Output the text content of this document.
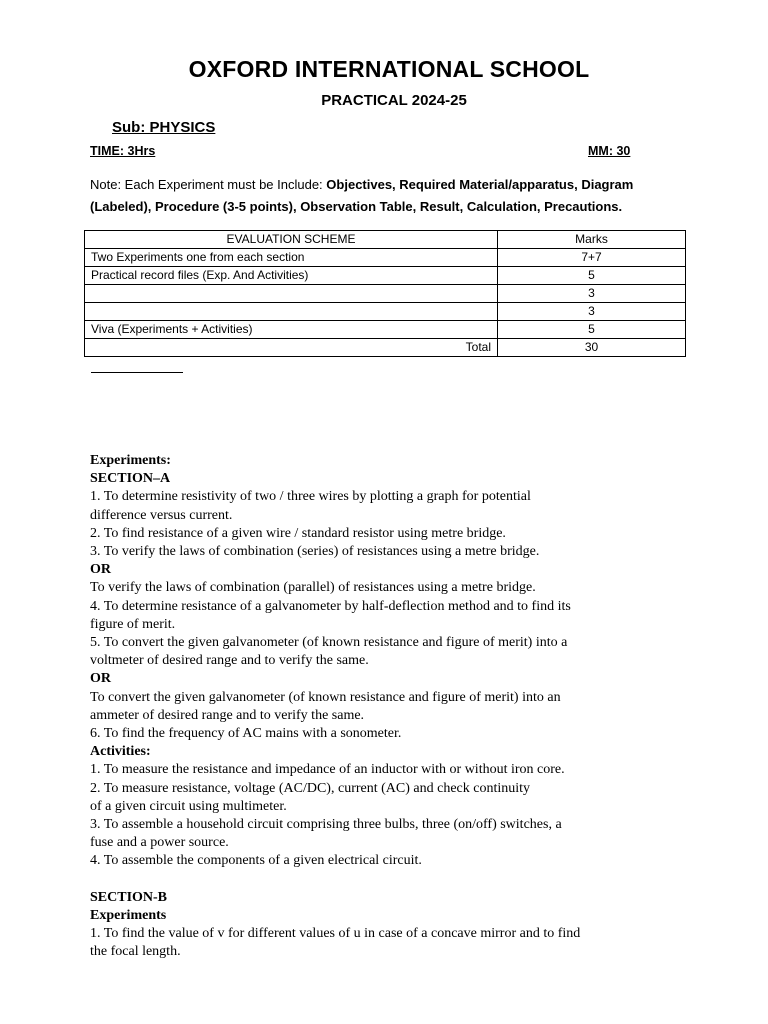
OXFORD INTERNATIONAL SCHOOL
PRACTICAL 2024-25
Sub: PHYSICS
TIME: 3Hrs	MM: 30
Note: Each Experiment must be Include: Objectives, Required Material/apparatus, Diagram (Labeled), Procedure (3-5 points), Observation Table, Result, Calculation, Precautions.
EVALUATION SCHEME	Marks
Two Experiments one from each section	7+7
Practical record files (Exp. And Activities)	5
	3
	3
Viva (Experiments + Activities)	5
Total	30
Experiments:
SECTION–A
1. To determine resistivity of two / three wires by plotting a graph for potential
difference versus current.
2. To find resistance of a given wire / standard resistor using metre bridge.
3. To verify the laws of combination (series) of resistances using a metre bridge.
OR
To verify the laws of combination (parallel) of resistances using a metre bridge.
4. To determine resistance of a galvanometer by half-deflection method and to find its
figure of merit.
5. To convert the given galvanometer (of known resistance and figure of merit) into a
voltmeter of desired range and to verify the same.
OR
To convert the given galvanometer (of known resistance and figure of merit) into an
ammeter of desired range and to verify the same.
6. To find the frequency of AC mains with a sonometer.
Activities:
1. To measure the resistance and impedance of an inductor with or without iron core.
2. To measure resistance, voltage (AC/DC), current (AC) and check continuity
of a given circuit using multimeter.
3. To assemble a household circuit comprising three bulbs, three (on/off) switches, a
fuse and a power source.
4. To assemble the components of a given electrical circuit.
SECTION-B
Experiments
1. To find the value of v for different values of u in case of a concave mirror and to find
the focal length.
